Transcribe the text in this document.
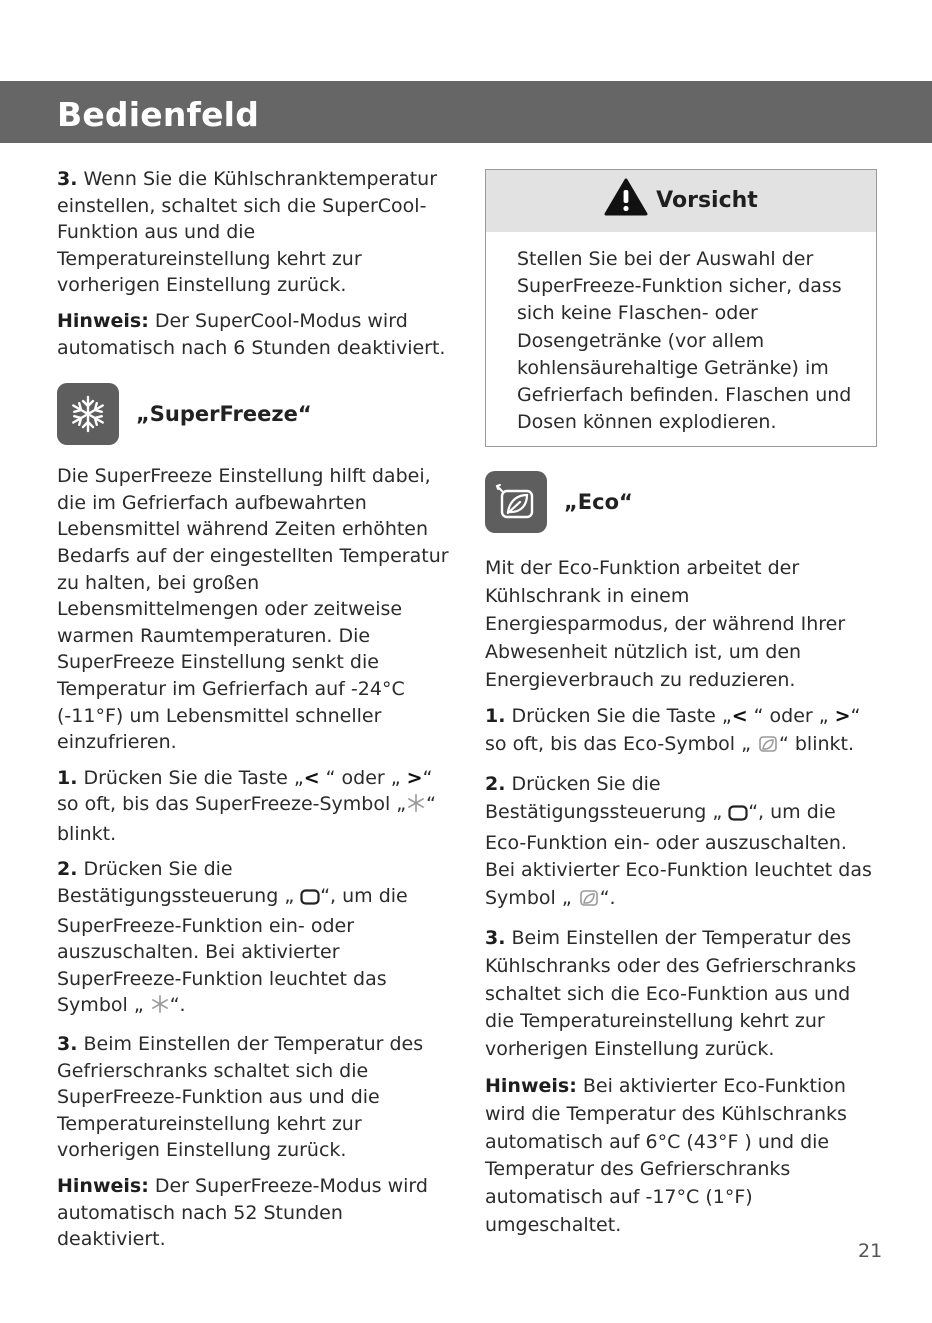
Bedienfeld

3. Wenn Sie die Kühlschranktemperatur einstellen, schaltet sich die SuperCool-Funktion aus und die Temperatureinstellung kehrt zur vorherigen Einstellung zurück.

Hinweis: Der SuperCool-Modus wird automatisch nach 6 Stunden deaktiviert.

„SuperFreeze“

Die SuperFreeze Einstellung hilft dabei, die im Gefrierfach aufbewahrten Lebensmittel während Zeiten erhöhten Bedarfs auf der eingestellten Temperatur zu halten, bei großen Lebensmittelmengen oder zeitweise warmen Raumtemperaturen. Die SuperFreeze Einstellung senkt die Temperatur im Gefrierfach auf -24°C (-11°F) um Lebensmittel schneller einzufrieren.

1. Drücken Sie die Taste „< “ oder „ >“ so oft, bis das SuperFreeze-Symbol „ “ blinkt.

2. Drücken Sie die Bestätigungssteuerung „ “, um die SuperFreeze-Funktion ein- oder auszuschalten. Bei aktivierter SuperFreeze-Funktion leuchtet das Symbol „ “.

3. Beim Einstellen der Temperatur des Gefrierschranks schaltet sich die SuperFreeze-Funktion aus und die Temperatureinstellung kehrt zur vorherigen Einstellung zurück.

Hinweis: Der SuperFreeze-Modus wird automatisch nach 52 Stunden deaktiviert.

Vorsicht
Stellen Sie bei der Auswahl der SuperFreeze-Funktion sicher, dass sich keine Flaschen- oder Dosengetränke (vor allem kohlensäurehaltige Getränke) im Gefrierfach befinden. Flaschen und Dosen können explodieren.
„Eco“

Mit der Eco-Funktion arbeitet der Kühlschrank in einem Energiesparmodus, der während Ihrer Abwesenheit nützlich ist, um den Energieverbrauch zu reduzieren.

1. Drücken Sie die Taste „< “ oder „ >“ so oft, bis das Eco-Symbol „ “ blinkt.

2. Drücken Sie die Bestätigungssteuerung „ “, um die Eco-Funktion ein- oder auszuschalten. Bei aktivierter Eco-Funktion leuchtet das Symbol „ “.

3. Beim Einstellen der Temperatur des Kühlschranks oder des Gefrierschranks schaltet sich die Eco-Funktion aus und die Temperatureinstellung kehrt zur vorherigen Einstellung zurück.

Hinweis: Bei aktivierter Eco-Funktion wird die Temperatur des Kühlschranks automatisch auf 6°C (43°F ) und die Temperatur des Gefrierschranks automatisch auf -17°C (1°F) umgeschaltet.

21
